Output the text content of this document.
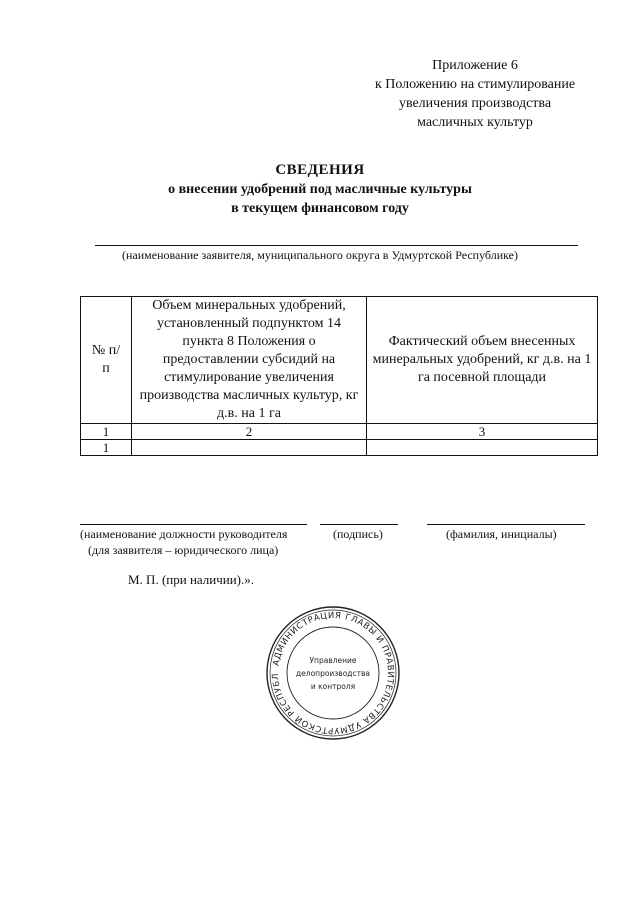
Приложение 6
к Положению на стимулирование
увеличения производства
масличных культур
СВЕДЕНИЯ
о внесении удобрений под масличные культуры
в текущем финансовом году
(наименование заявителя, муниципального округа в Удмуртской Республике)
№ п/п	Объем минеральных удобрений, установленный подпунктом 14 пункта 8 Положения о предоставлении субсидий на стимулирование увеличения производства масличных культур, кг д.в. на 1 га	Фактический объем внесенных минеральных удобрений, кг д.в. на 1 га посевной площади
1	2	3
1		
(наименование должности руководителя
(для заявителя – юридического лица)
(подпись)	(фамилия, инициалы)
М. П. (при наличии).».
АДМИНИСТРАЦИЯ ГЛАВЫ И ПРАВИТЕЛЬСТВА УДМУРТСКОЙ РЕСПУБЛ
Управление
делопроизводства
и контроля
